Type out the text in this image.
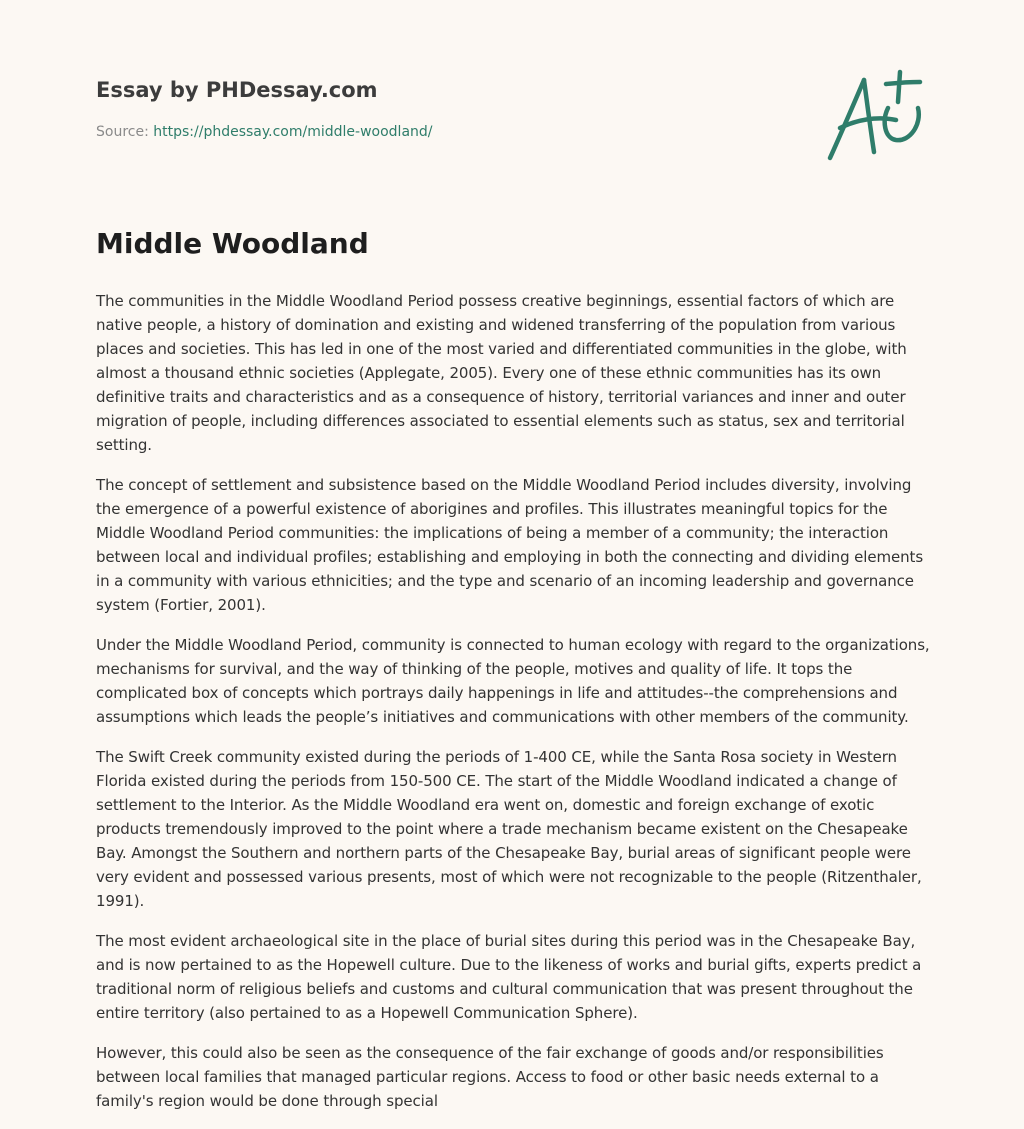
Essay by PHDessay.com
Source: https://phdessay.com/middle-woodland/
Middle Woodland

The communities in the Middle Woodland Period possess creative beginnings, essential factors of which are native people, a history of domination and existing and widened transferring of the population from various places and societies. This has led in one of the most varied and differentiated communities in the globe, with almost a thousand ethnic societies (Applegate, 2005). Every one of these ethnic communities has its own definitive traits and characteristics and as a consequence of history, territorial variances and inner and outer migration of people, including differences associated to essential elements such as status, sex and territorial setting.

The concept of settlement and subsistence based on the Middle Woodland Period includes diversity, involving the emergence of a powerful existence of aborigines and profiles. This illustrates meaningful topics for the Middle Woodland Period communities: the implications of being a member of a community; the interaction between local and individual profiles; establishing and employing in both the connecting and dividing elements in a community with various ethnicities; and the type and scenario of an incoming leadership and governance system (Fortier, 2001).

Under the Middle Woodland Period, community is connected to human ecology with regard to the organizations, mechanisms for survival, and the way of thinking of the people, motives and quality of life. It tops the complicated box of concepts which portrays daily happenings in life and attitudes--the comprehensions and assumptions which leads the people’s initiatives and communications with other members of the community.

The Swift Creek community existed during the periods of 1-400 CE, while the Santa Rosa society in Western Florida existed during the periods from 150-500 CE. The start of the Middle Woodland indicated a change of settlement to the Interior. As the Middle Woodland era went on, domestic and foreign exchange of exotic products tremendously improved to the point where a trade mechanism became existent on the Chesapeake Bay. Amongst the Southern and northern parts of the Chesapeake Bay, burial areas of significant people were very evident and possessed various presents, most of which were not recognizable to the people (Ritzenthaler, 1991).

The most evident archaeological site in the place of burial sites during this period was in the Chesapeake Bay, and is now pertained to as the Hopewell culture. Due to the likeness of works and burial gifts, experts predict a traditional norm of religious beliefs and customs and cultural communication that was present throughout the entire territory (also pertained to as a Hopewell Communication Sphere).

However, this could also be seen as the consequence of the fair exchange of goods and/or responsibilities between local families that managed particular regions. Access to food or other basic needs external to a family's region would be done through special
